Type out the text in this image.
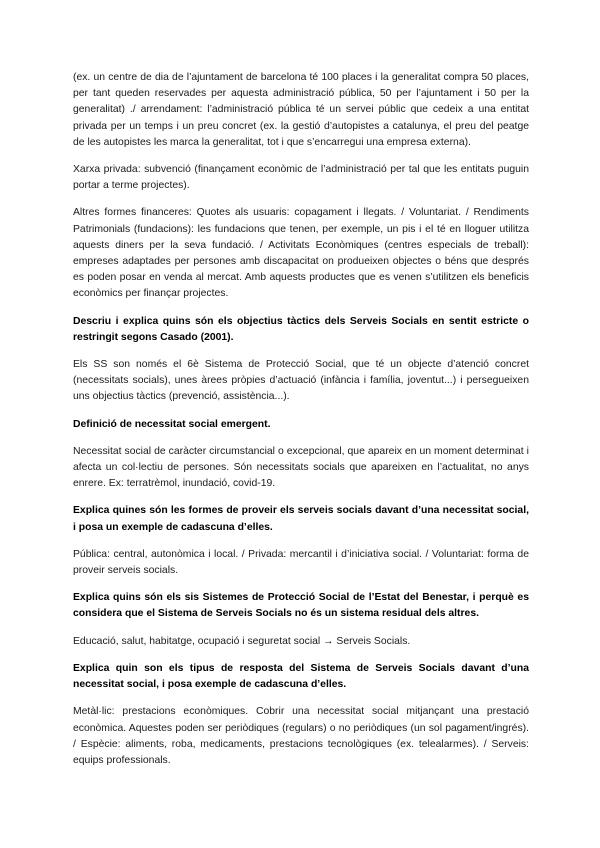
(ex. un centre de dia de l’ajuntament de barcelona té 100 places i la generalitat compra 50 places, per tant queden reservades per aquesta administració pública, 50 per l’ajuntament i 50 per la generalitat) ./ arrendament: l’administració pública té un servei públic que cedeix a una entitat privada per un temps i un preu concret (ex. la gestió d’autopistes a catalunya, el preu del peatge de les autopistes les marca la generalitat, tot i que s’encarregui una empresa externa).

Xarxa privada: subvenció (finançament econòmic de l’administració per tal que les entitats puguin portar a terme projectes).

Altres formes financeres: Quotes als usuaris: copagament i llegats. / Voluntariat. / Rendiments Patrimonials (fundacions): les fundacions que tenen, per exemple, un pis i el té en lloguer utilitza aquests diners per la seva fundació. / Activitats Econòmiques (centres especials de treball): empreses adaptades per persones amb discapacitat on produeixen objectes o béns que després es poden posar en venda al mercat. Amb aquests productes que es venen s’utilitzen els beneficis econòmics per finançar projectes.

Descriu i explica quins són els objectius tàctics dels Serveis Socials en sentit estricte o restringit segons Casado (2001).

Els SS son només el 6è Sistema de Protecció Social, que té un objecte d’atenció concret (necessitats socials), unes àrees pròpies d’actuació (infància i família, joventut...) i persegueixen uns objectius tàctics (prevenció, assistència...).

Definició de necessitat social emergent.

Necessitat social de caràcter circumstancial o excepcional, que apareix en un moment determinat i afecta un col·lectiu de persones. Són necessitats socials que apareixen en l’actualitat, no anys enrere. Ex: terratrèmol, inundació, covid-19.

Explica quines són les formes de proveir els serveis socials davant d’una necessitat social, i posa un exemple de cadascuna d’elles.

Pública: central, autonòmica i local. / Privada: mercantil i d’iniciativa social. / Voluntariat: forma de proveir serveis socials.

Explica quins són els sis Sistemes de Protecció Social de l’Estat del Benestar, i perquè es considera que el Sistema de Serveis Socials no és un sistema residual dels altres.

Educació, salut, habitatge, ocupació i seguretat social → Serveis Socials.

Explica quin son els tipus de resposta del Sistema de Serveis Socials davant d’una necessitat social, i posa exemple de cadascuna d’elles.

Metàl·lic: prestacions econòmiques. Cobrir una necessitat social mitjançant una prestació econòmica. Aquestes poden ser periòdiques (regulars) o no periòdiques (un sol pagament/ingrés). / Espècie: aliments, roba, medicaments, prestacions tecnològiques (ex. telealarmes). / Serveis: equips professionals.
